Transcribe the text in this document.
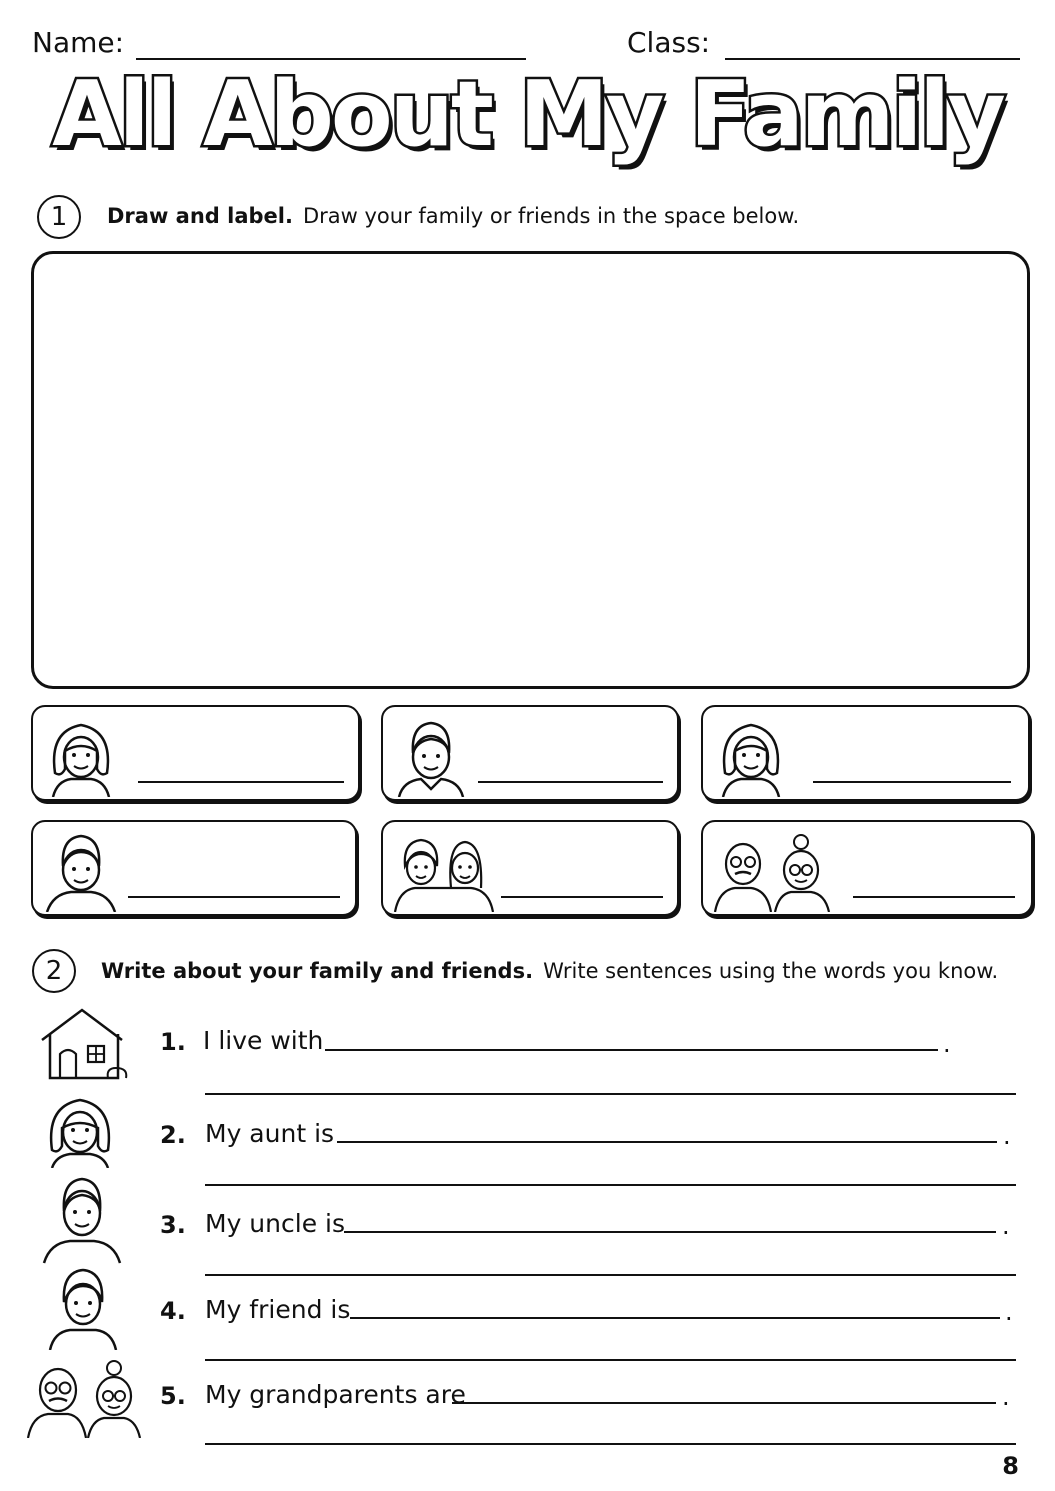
Name:	Class:
All About My Family
1	Draw and label. Draw your family or friends in the space below.
2	Write about your family and friends. Write sentences using the words you know.
1. I live with	.
2. My aunt is	.
3. My uncle is	.
4. My friend is	.
5. My grandparents are	.
8
